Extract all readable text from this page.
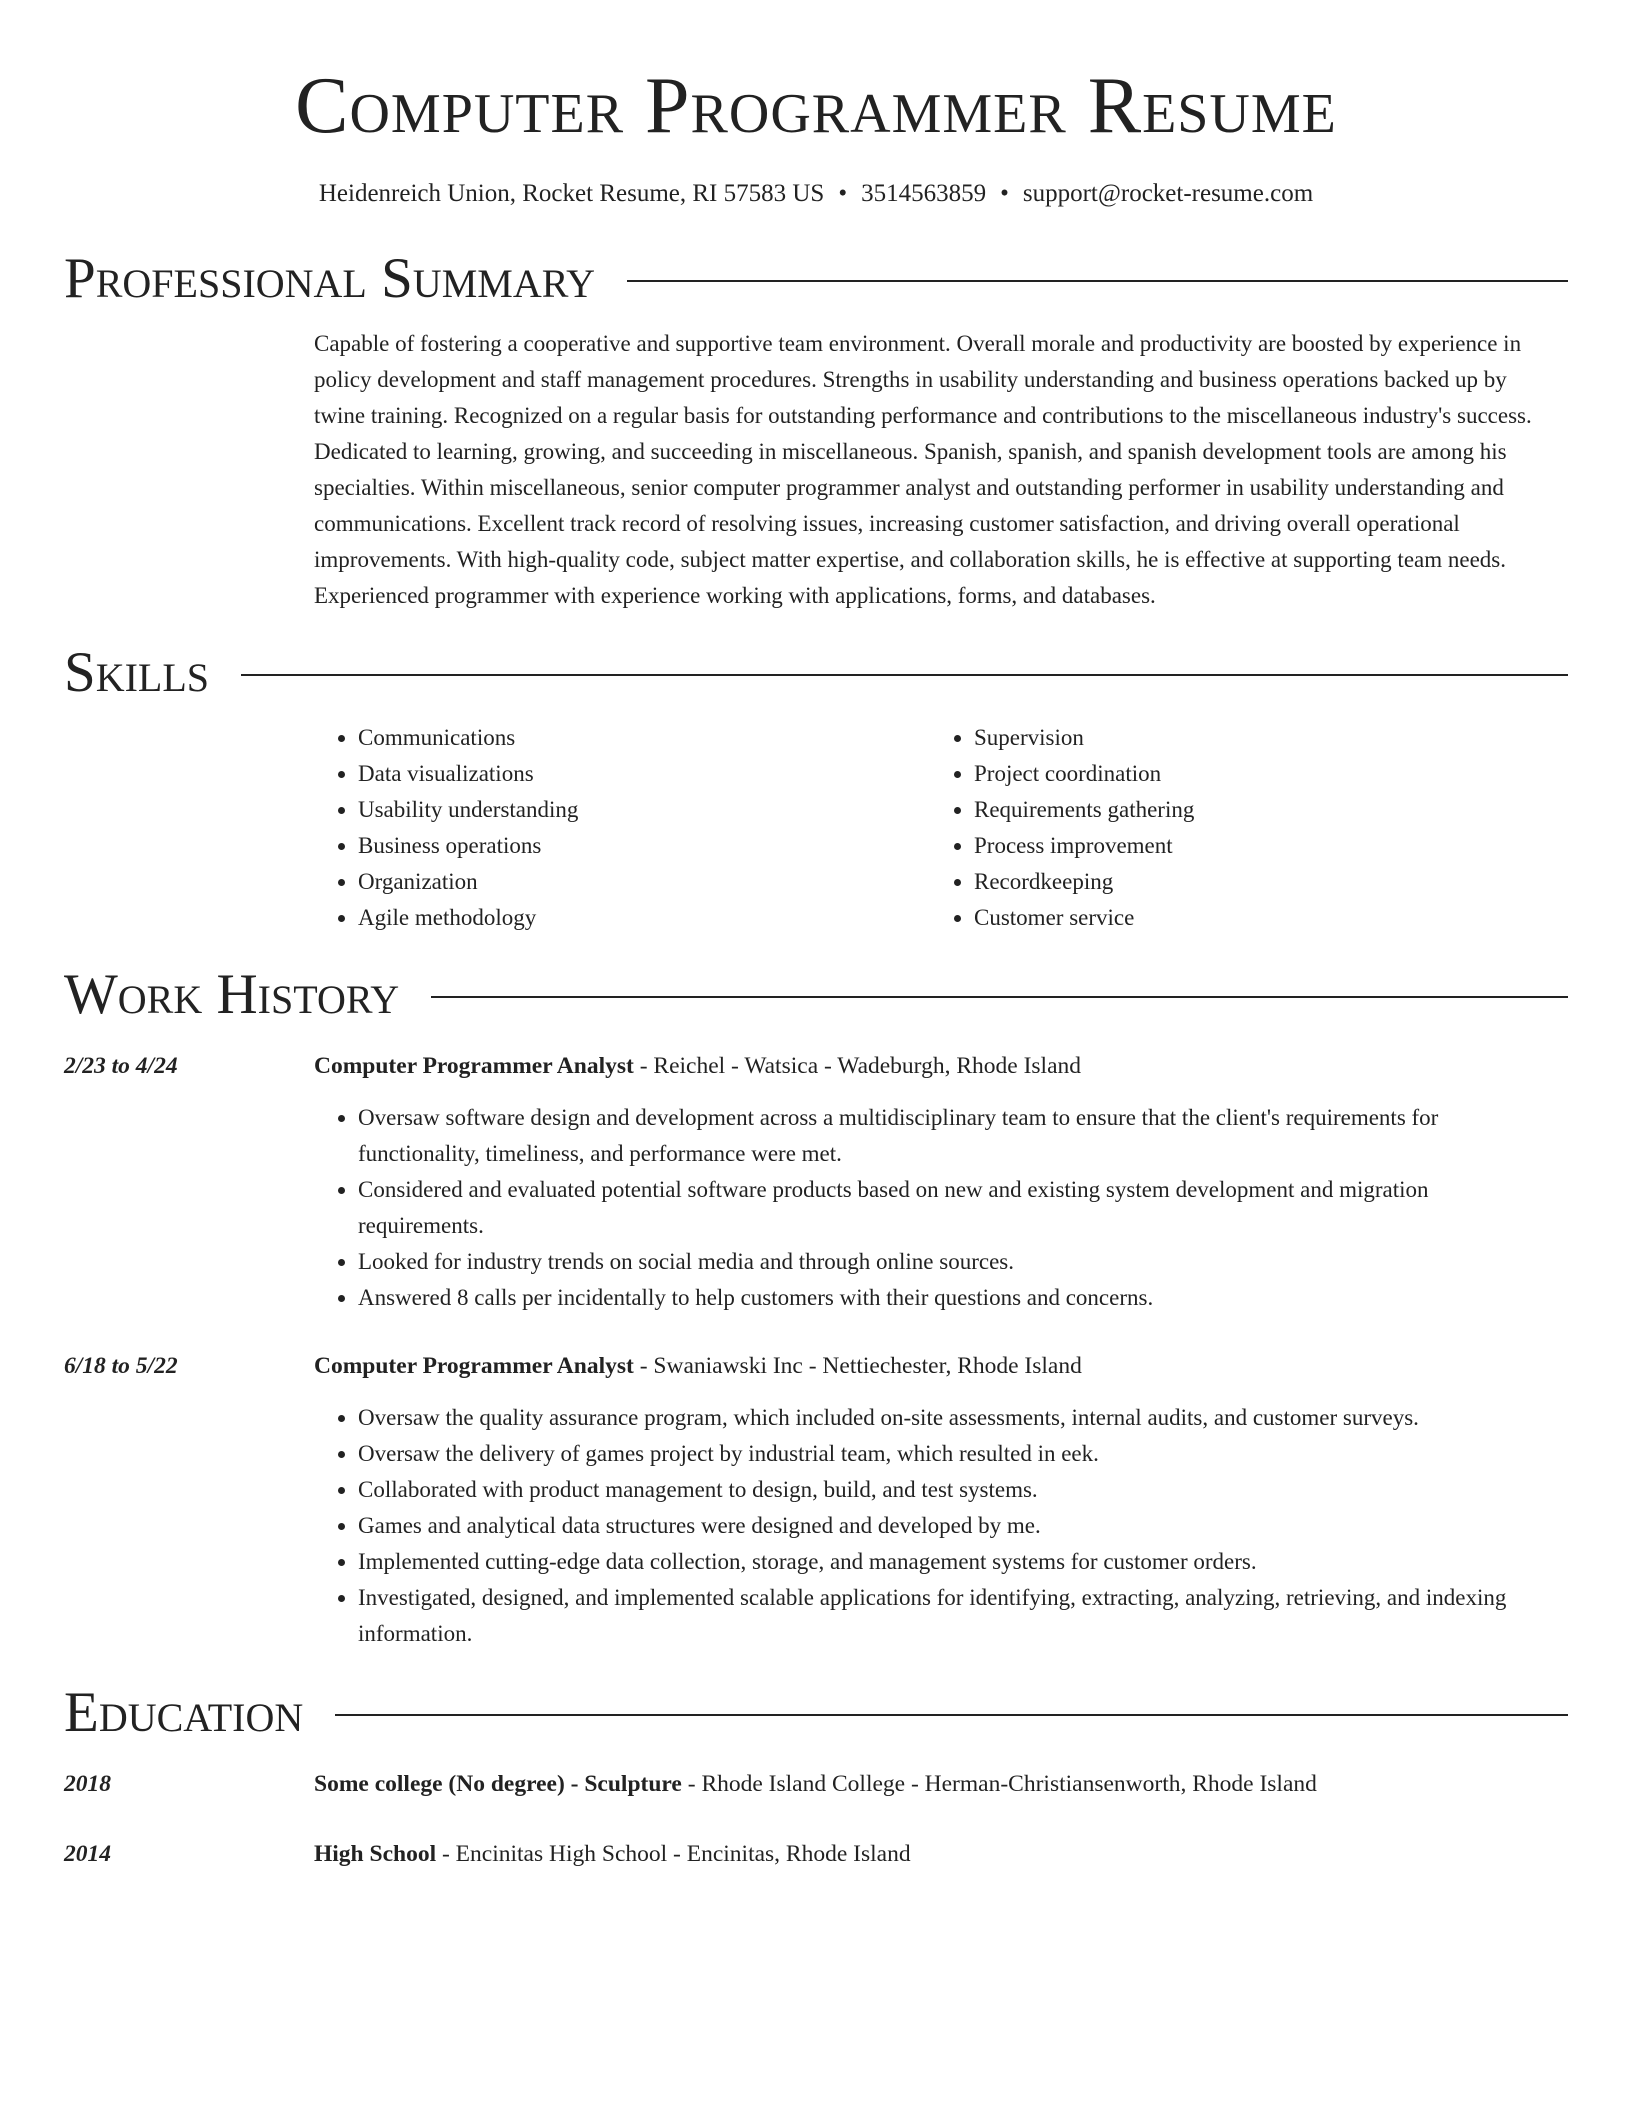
Computer Programmer Resume
Heidenreich Union, Rocket Resume, RI 57583 US • 3514563859 • support@rocket-resume.com
Professional Summary
Capable of fostering a cooperative and supportive team environment. Overall morale and productivity are boosted by experience in policy development and staff management procedures. Strengths in usability understanding and business operations backed up by twine training. Recognized on a regular basis for outstanding performance and contributions to the miscellaneous industry's success. Dedicated to learning, growing, and succeeding in miscellaneous. Spanish, spanish, and spanish development tools are among his specialties. Within miscellaneous, senior computer programmer analyst and outstanding performer in usability understanding and communications. Excellent track record of resolving issues, increasing customer satisfaction, and driving overall operational improvements. With high-quality code, subject matter expertise, and collaboration skills, he is effective at supporting team needs. Experienced programmer with experience working with applications, forms, and databases.
Skills
• Communications
• Data visualizations
• Usability understanding
• Business operations
• Organization
• Agile methodology
• Supervision
• Project coordination
• Requirements gathering
• Process improvement
• Recordkeeping
• Customer service
Work History
2/23 to 4/24	Computer Programmer Analyst - Reichel - Watsica - Wadeburgh, Rhode Island
• Oversaw software design and development across a multidisciplinary team to ensure that the client's requirements for functionality, timeliness, and performance were met.
• Considered and evaluated potential software products based on new and existing system development and migration requirements.
• Looked for industry trends on social media and through online sources.
• Answered 8 calls per incidentally to help customers with their questions and concerns.
6/18 to 5/22	Computer Programmer Analyst - Swaniawski Inc - Nettiechester, Rhode Island
• Oversaw the quality assurance program, which included on-site assessments, internal audits, and customer surveys.
• Oversaw the delivery of games project by industrial team, which resulted in eek.
• Collaborated with product management to design, build, and test systems.
• Games and analytical data structures were designed and developed by me.
• Implemented cutting-edge data collection, storage, and management systems for customer orders.
• Investigated, designed, and implemented scalable applications for identifying, extracting, analyzing, retrieving, and indexing information.
Education
2018	Some college (No degree) - Sculpture - Rhode Island College - Herman-Christiansenworth, Rhode Island
2014	High School - Encinitas High School - Encinitas, Rhode Island
